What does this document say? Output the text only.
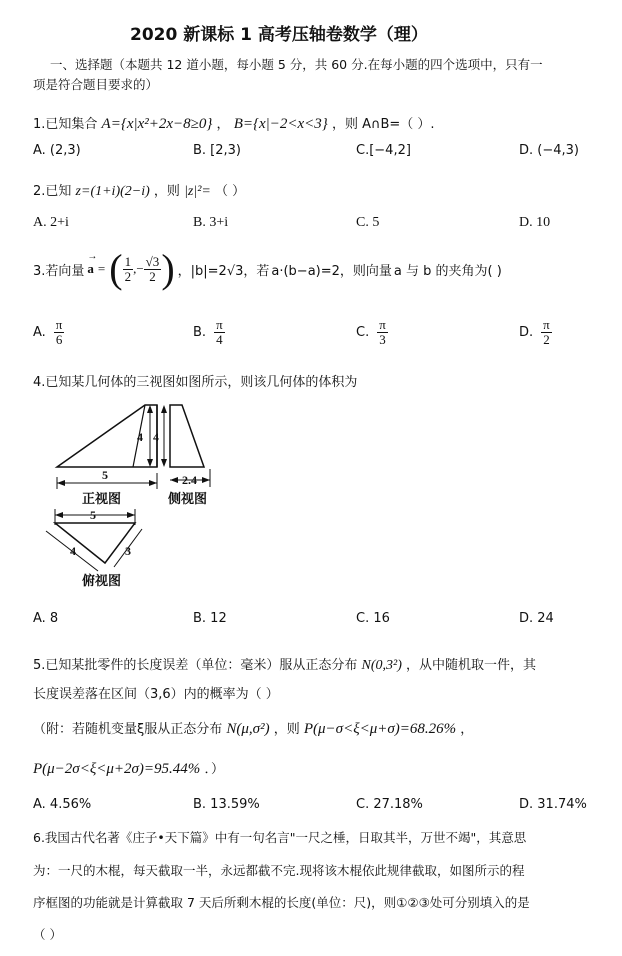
2020 新课标 1 高考压轴卷数学（理）
一、选择题（本题共 12 道小题，每小题 5 分，共 60 分.在每小题的四个选项中，只有一
项是符合题目要求的）
1.已知集合 A={x|x²+2x−8≥0} ， B={x|−2<x<3} ，则 A∩B=（ ）.
A. (2,3)	B. [2,3)	C.[−4,2]	D. (−4,3)
2.已知 z=(1+i)(2−i) ，则 |z|²= （ ）
A. 2+i	B. 3+i	C. 5	D. 10
3.若向量
→
a = ( $\frac{1}{2}$ ,− $\frac{√3}{2}$ ) ，|b|=2√3，若 a·(b−a)=2，则向量 a 与 b 的夹角为( )
A. $\frac{\pi}{6}$	B. $\frac{\pi}{4}$	C. $\frac{\pi}{3}$	D. $\frac{\pi}{2}$
4.已知某几何体的三视图如图所示，则该几何体的体积为
5
4 4
2.4
5
4	3
正视图	侧视图
俯视图
A. 8	B. 12	C. 16	D. 24
5.已知某批零件的长度误差（单位：毫米）服从正态分布 N(0,3²) ，从中随机取一件，其
长度误差落在区间（3,6）内的概率为（ ）
（附：若随机变量ξ服从正态分布 N(μ,σ²) ，则 P(μ−σ<ξ<μ+σ)=68.26% ，
P(μ−2σ<ξ<μ+2σ)=95.44% ．）
A. 4.56%	B. 13.59%	C. 27.18%	D. 31.74%
6.我国古代名著《庄子•天下篇》中有一句名言"一尺之棰，日取其半，万世不竭"，其意思
为：一尺的木棍，每天截取一半，永远都截不完.现将该木棍依此规律截取，如图所示的程
序框图的功能就是计算截取 7 天后所剩木棍的长度(单位：尺)，则①②③处可分别填入的是
（ ）
